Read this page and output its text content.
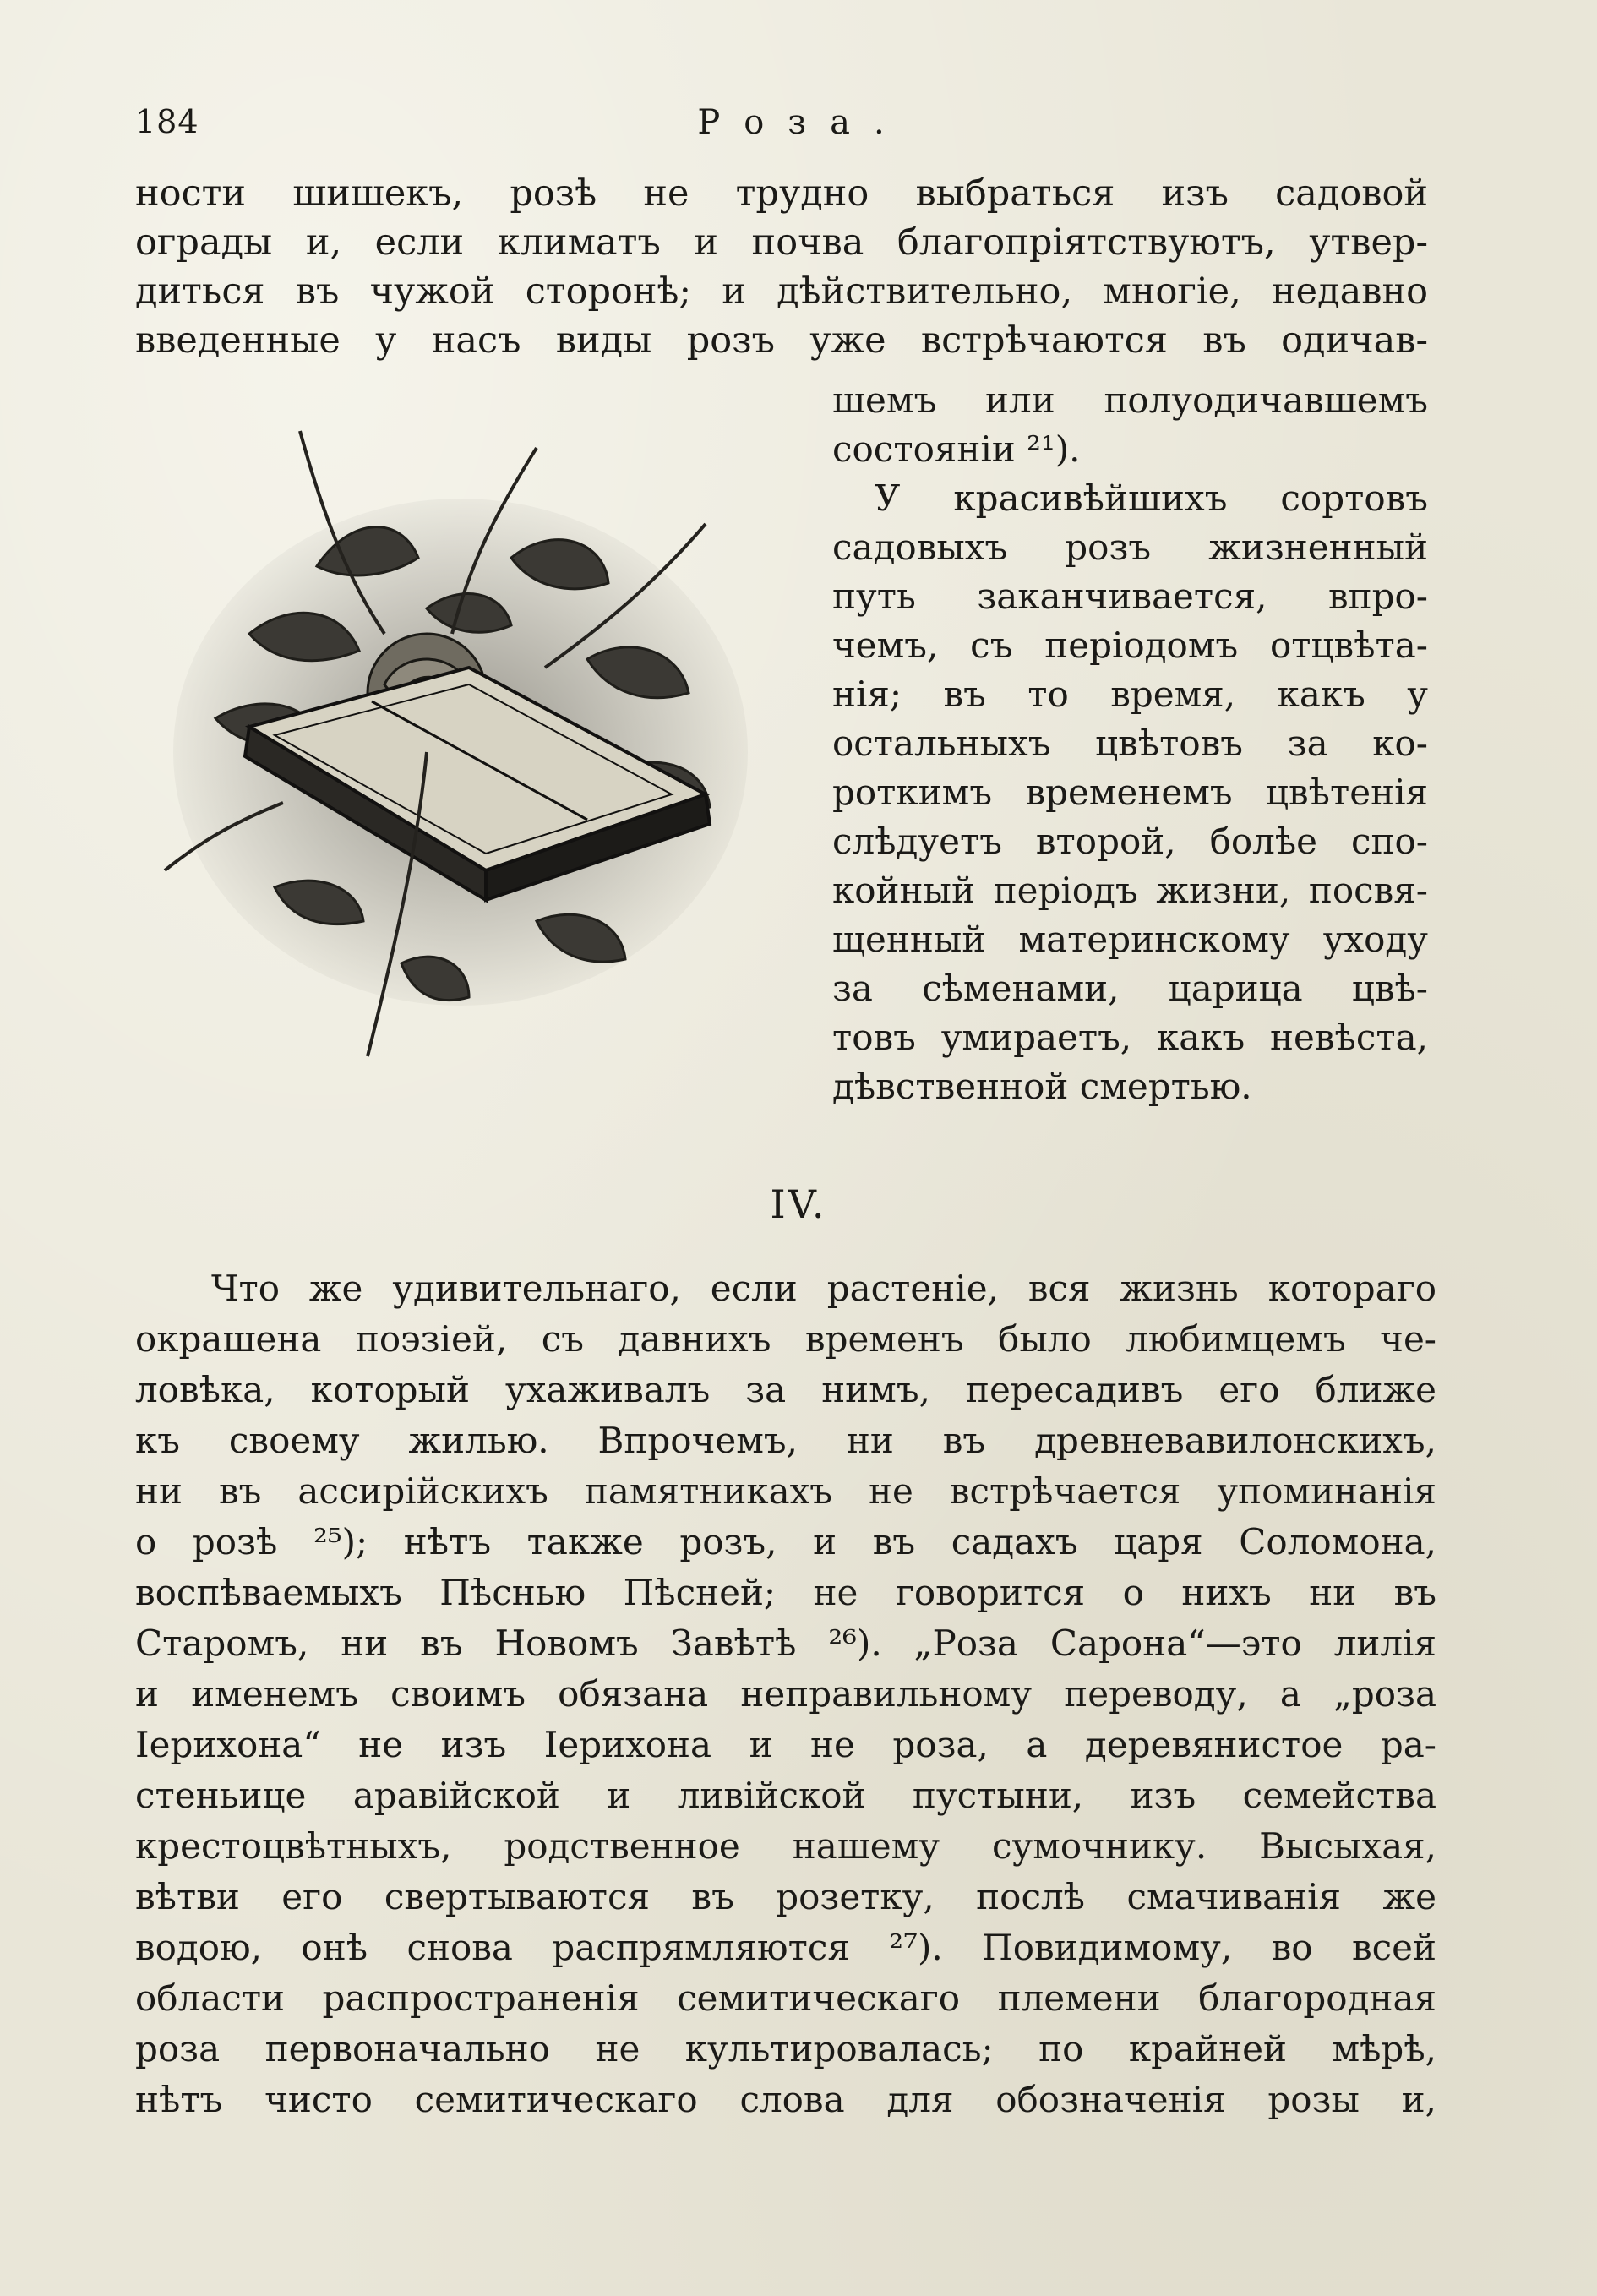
184	Роза.
ности шишекъ, розѣ не трудно выбраться изъ садовой
ограды и, если климатъ и почва благопріятствуютъ, утвер-
диться въ чужой сторонѣ; и дѣйствительно, многіе, недавно
введенные у насъ виды розъ уже встрѣчаются въ одичав-
шемъ или полуодичавшемъ
состояніи ²¹).
У красивѣйшихъ сортовъ
садовыхъ розъ жизненный
путь заканчивается, впро-
чемъ, съ періодомъ отцвѣта-
нія; въ то время, какъ у
остальныхъ цвѣтовъ за ко-
роткимъ временемъ цвѣтенія
слѣдуетъ второй, болѣе спо-
койный періодъ жизни, посвя-
щенный материнскому уходу
за сѣменами, царица цвѣ-
товъ умираетъ, какъ невѣста,
дѣвственной смертью.
IV.
Что же удивительнаго, если растеніе, вся жизнь котораго
окрашена поэзіей, съ давнихъ временъ было любимцемъ че-
ловѣка, который ухаживалъ за нимъ, пересадивъ его ближе
къ своему жилью. Впрочемъ, ни въ древневавилонскихъ,
ни въ ассирійскихъ памятникахъ не встрѣчается упоминанія
о розѣ ²⁵); нѣтъ также розъ, и въ садахъ царя Соломона,
воспѣваемыхъ Пѣснью Пѣсней; не говорится о нихъ ни въ
Старомъ, ни въ Новомъ Завѣтѣ ²⁶). „Роза Сарона“—это лилія
и именемъ своимъ обязана неправильному переводу, а „роза
Іерихона“ не изъ Іерихона и не роза, а деревянистое ра-
стеньице аравійской и ливійской пустыни, изъ семейства
крестоцвѣтныхъ, родственное нашему сумочнику. Высыхая,
вѣтви его свертываются въ розетку, послѣ смачиванія же
водою, онѣ снова распрямляются ²⁷). Повидимому, во всей
области распространенія семитическаго племени благородная
роза первоначально не культировалась; по крайней мѣрѣ,
нѣтъ чисто семитическаго слова для обозначенія розы и,
